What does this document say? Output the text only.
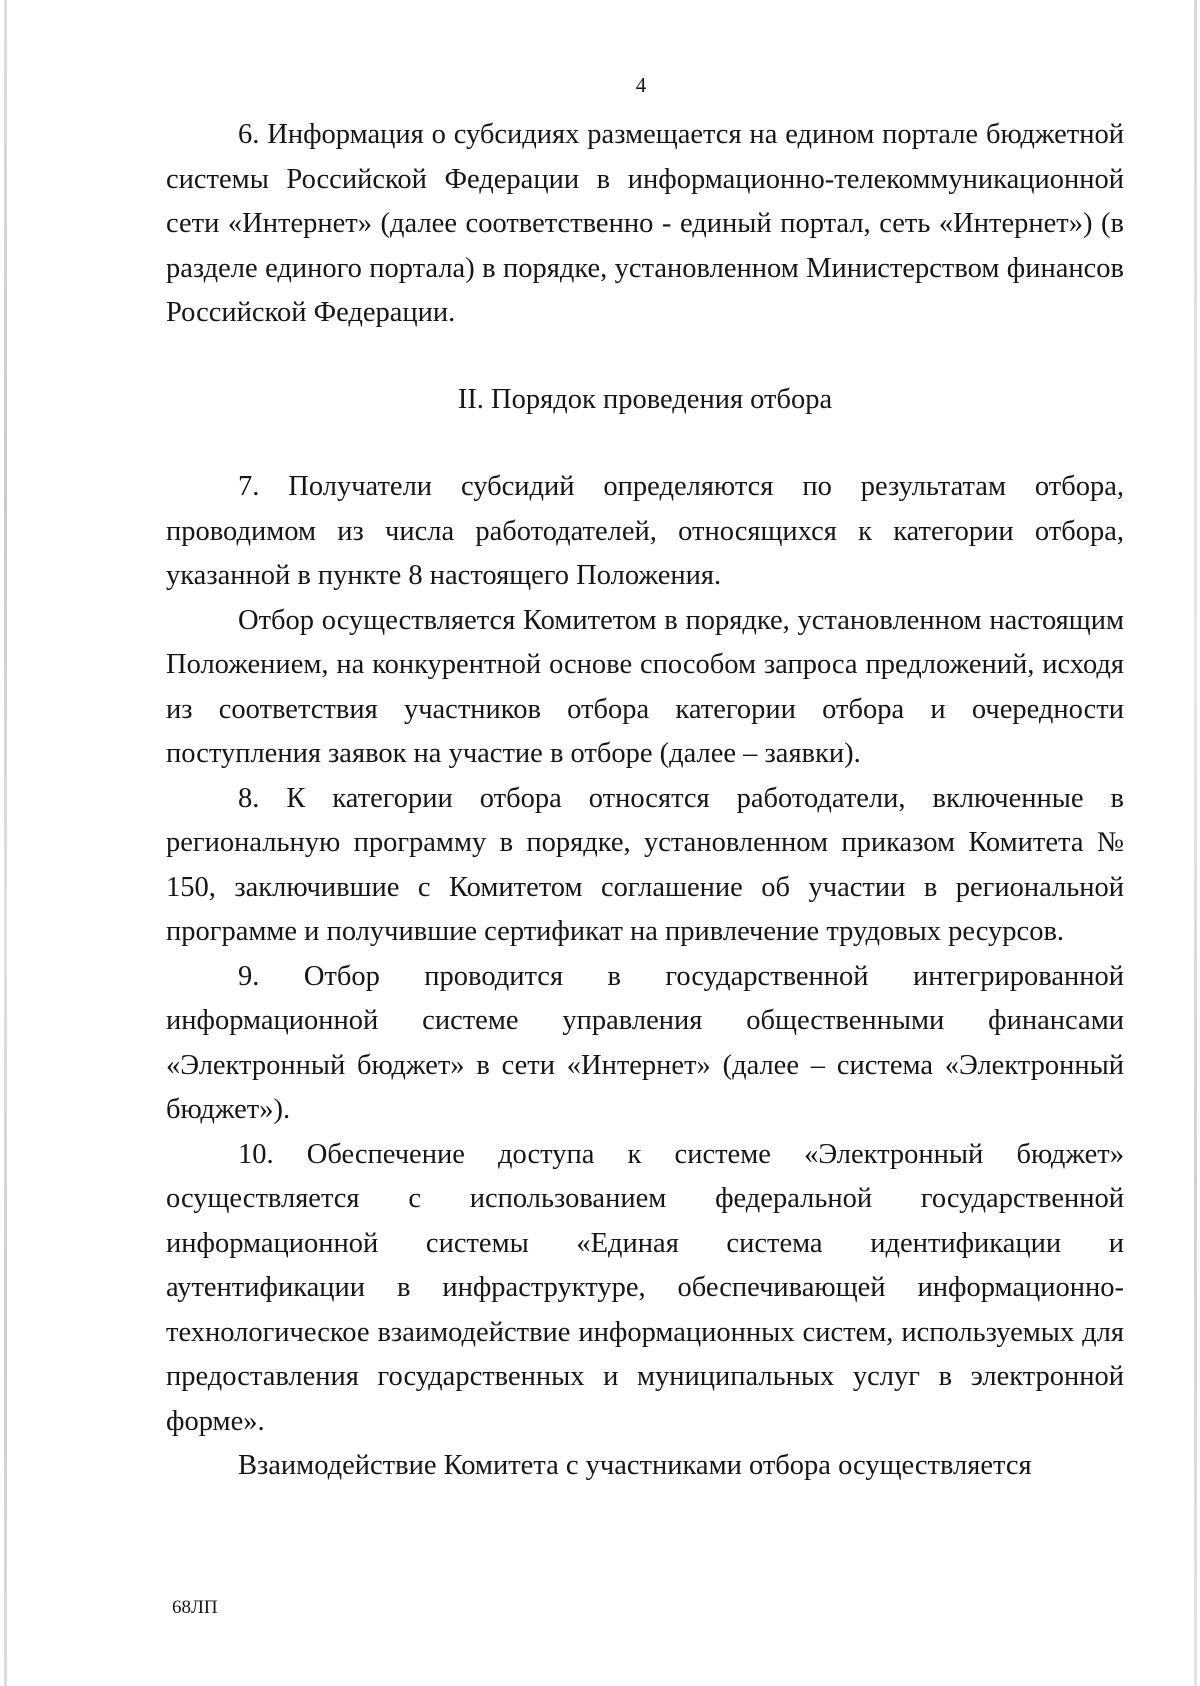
4

6. Информация о субсидиях размещается на едином портале бюджетной системы Российской Федерации в информационно-телекоммуникационной сети «Интернет» (далее соответственно - единый портал, сеть «Интернет») (в разделе единого портала) в порядке, установленном Министерством финансов Российской Федерации.

II. Порядок проведения отбора

7. Получатели субсидий определяются по результатам отбора, проводимом из числа работодателей, относящихся к категории отбора, указанной в пункте 8 настоящего Положения.

Отбор осуществляется Комитетом в порядке, установленном настоящим Положением, на конкурентной основе способом запроса предложений, исходя из соответствия участников отбора категории отбора и очередности поступления заявок на участие в отборе (далее – заявки).

8. К категории отбора относятся работодатели, включенные в региональную программу в порядке, установленном приказом Комитета № 150, заключившие с Комитетом соглашение об участии в региональной программе и получившие сертификат на привлечение трудовых ресурсов.

9. Отбор проводится в государственной интегрированной информационной системе управления общественными финансами «Электронный бюджет» в сети «Интернет» (далее – система «Электронный бюджет»).

10. Обеспечение доступа к системе «Электронный бюджет» осуществляется с использованием федеральной государственной информационной системы «Единая система идентификации и аутентификации в инфраструктуре, обеспечивающей информационно-технологическое взаимодействие информационных систем, используемых для предоставления государственных и муниципальных услуг в электронной форме».

Взаимодействие Комитета с участниками отбора осуществляется

68ЛП
